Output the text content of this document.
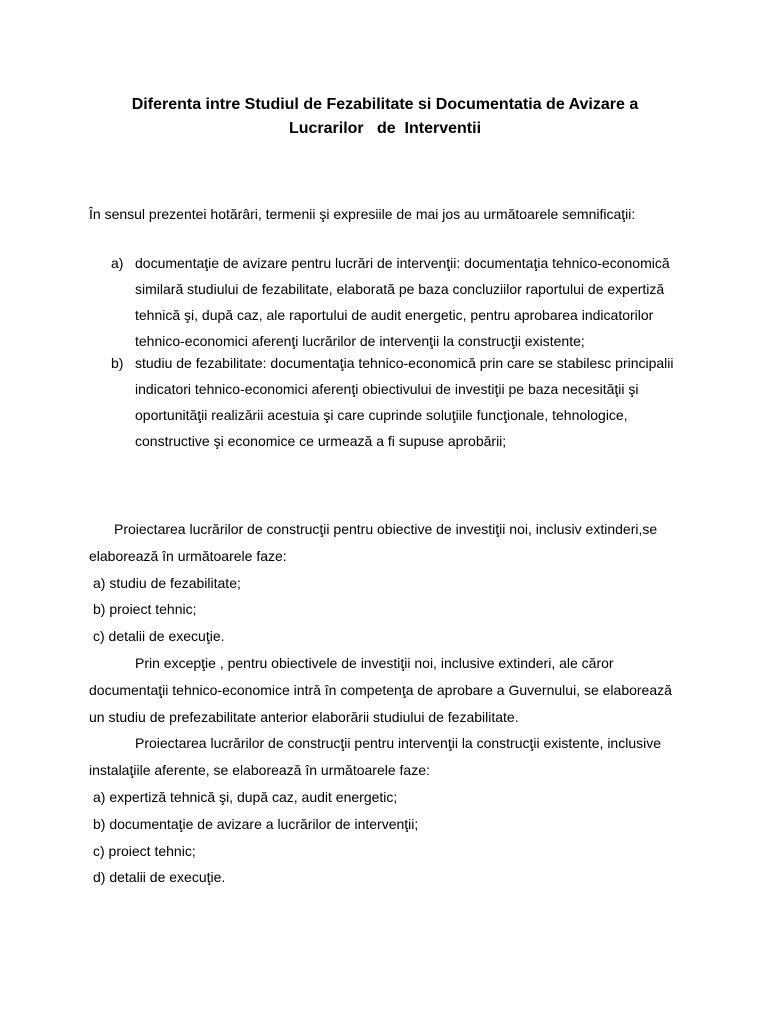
Diferenta intre Studiul de Fezabilitate si Documentatia de Avizare a
Lucrarilor   de  Interventii
În sensul prezentei hotărâri, termenii şi expresiile de mai jos au următoarele semnificaţii:
a) documentaţie de avizare pentru lucrări de intervenţii: documentaţia tehnico-economică similară studiului de fezabilitate, elaborată pe baza concluziilor raportului de expertiză tehnică şi, după caz, ale raportului de audit energetic, pentru aprobarea indicatorilor tehnico-economici aferenţi lucrărilor de intervenţii la construcţii existente;
b) studiu de fezabilitate: documentaţia tehnico-economică prin care se stabilesc principalii indicatori tehnico-economici aferenţi obiectivului de investiţii pe baza necesităţii şi oportunităţii realizării acestuia şi care cuprinde soluţiile funcţionale, tehnologice, constructive şi economice ce urmează a fi supuse aprobării;
Proiectarea lucrărilor de construcţii pentru obiective de investiţii noi, inclusiv extinderi,se elaborează în următoarele faze:
a) studiu de fezabilitate;
b) proiect tehnic;
c) detalii de execuţie.
Prin excepţie , pentru obiectivele de investiţii noi, inclusive extinderi, ale căror documentaţii tehnico-economice intră în competenţa de aprobare a Guvernului, se elaborează un studiu de prefezabilitate anterior elaborării studiului de fezabilitate.
Proiectarea lucrărilor de construcţii pentru intervenţii la construcţii existente, inclusive instalaţiile aferente, se elaborează în următoarele faze:
a) expertiză tehnică şi, după caz, audit energetic;
b) documentaţie de avizare a lucrărilor de intervenţii;
c) proiect tehnic;
d) detalii de execuţie.
